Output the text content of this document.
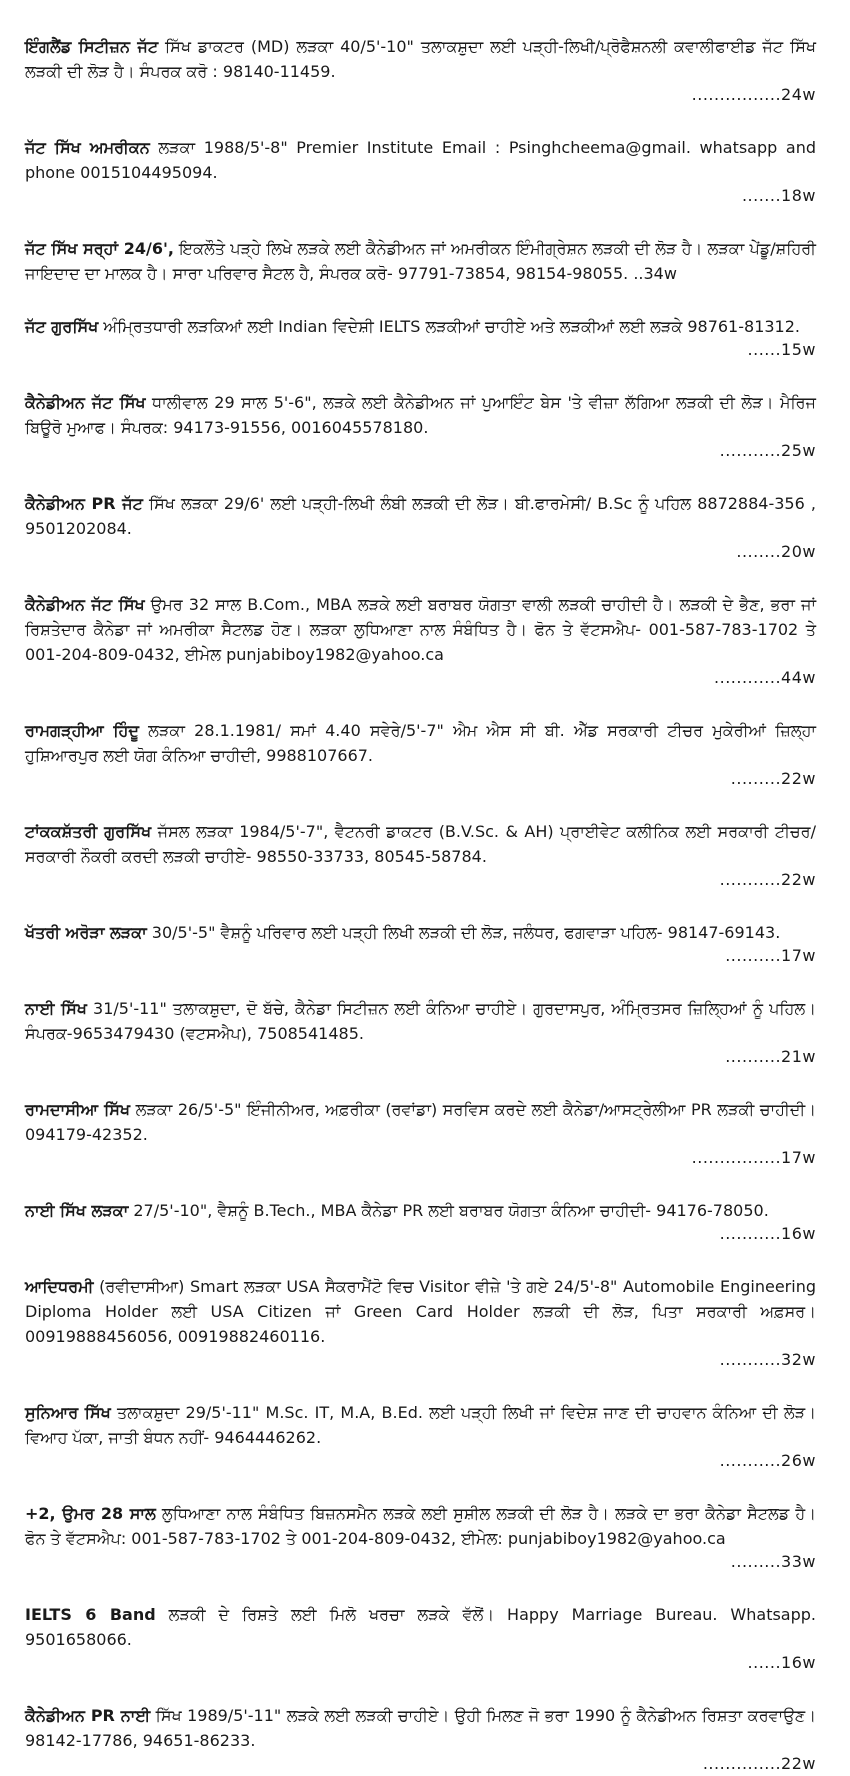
ਇੰਗਲੈਂਡ ਸਿਟੀਜ਼ਨ ਜੱਟ ਸਿੱਖ ਡਾਕਟਰ (MD) ਲੜਕਾ 40/5'-10" ਤਲਾਕਸ਼ੁਦਾ ਲਈ ਪੜ੍ਹੀ-ਲਿਖੀ/ਪ੍ਰੋਫੈਸ਼ਨਲੀ ਕਵਾਲੀਫਾਈਡ ਜੱਟ ਸਿੱਖ ਲੜਕੀ ਦੀ ਲੋੜ ਹੈ। ਸੰਪਰਕ ਕਰੋ : 98140-11459.

................24w

ਜੱਟ ਸਿੱਖ ਅਮਰੀਕਨ ਲੜਕਾ 1988/5'-8" Premier Institute Email : Psinghcheema@gmail. whatsapp and phone 0015104495094.

.......18w

ਜੱਟ ਸਿੱਖ ਸਰ੍ਹਾਂ 24/6', ਇਕਲੌਤੇ ਪੜ੍ਹੇ ਲਿਖੇ ਲੜਕੇ ਲਈ ਕੈਨੇਡੀਅਨ ਜਾਂ ਅਮਰੀਕਨ ਇੰਮੀਗ੍ਰੇਸ਼ਨ ਲੜਕੀ ਦੀ ਲੋੜ ਹੈ। ਲੜਕਾ ਪੇਂਡੂ/ਸ਼ਹਿਰੀ ਜਾਇਦਾਦ ਦਾ ਮਾਲਕ ਹੈ। ਸਾਰਾ ਪਰਿਵਾਰ ਸੈਟਲ ਹੈ, ਸੰਪਰਕ ਕਰੋ- 97791-73854, 98154-98055. ..34w

ਜੱਟ ਗੁਰਸਿੱਖ ਅੰਮ੍ਰਿਤਧਾਰੀ ਲੜਕਿਆਂ ਲਈ Indian ਵਿਦੇਸ਼ੀ IELTS ਲੜਕੀਆਂ ਚਾਹੀਏ ਅਤੇ ਲੜਕੀਆਂ ਲਈ ਲੜਕੇ 98761-81312.

......15w

ਕੈਨੇਡੀਅਨ ਜੱਟ ਸਿੱਖ ਧਾਲੀਵਾਲ 29 ਸਾਲ 5'-6", ਲੜਕੇ ਲਈ ਕੈਨੇਡੀਅਨ ਜਾਂ ਪੁਆਇੰਟ ਬੇਸ 'ਤੇ ਵੀਜ਼ਾ ਲੱਗਿਆ ਲੜਕੀ ਦੀ ਲੋੜ। ਮੈਰਿਜ ਬਿਊਰੋ ਮੁਆਫ। ਸੰਪਰਕ: 94173-91556, 0016045578180.

...........25w

ਕੈਨੇਡੀਅਨ PR ਜੱਟ ਸਿੱਖ ਲੜਕਾ 29/6' ਲਈ ਪੜ੍ਹੀ-ਲਿਖੀ ਲੰਬੀ ਲੜਕੀ ਦੀ ਲੋੜ। ਬੀ.ਫਾਰਮੇਸੀ/ B.Sc ਨੂੰ ਪਹਿਲ 8872884-356 , 9501202084.

........20w

ਕੈਨੇਡੀਅਨ ਜੱਟ ਸਿੱਖ ਉਮਰ 32 ਸਾਲ B.Com., MBA ਲੜਕੇ ਲਈ ਬਰਾਬਰ ਯੋਗਤਾ ਵਾਲੀ ਲੜਕੀ ਚਾਹੀਦੀ ਹੈ। ਲੜਕੀ ਦੇ ਭੈਣ, ਭਰਾ ਜਾਂ ਰਿਸ਼ਤੇਦਾਰ ਕੈਨੇਡਾ ਜਾਂ ਅਮਰੀਕਾ ਸੈਟਲਡ ਹੋਣ। ਲੜਕਾ ਲੁਧਿਆਣਾ ਨਾਲ ਸੰਬੰਧਿਤ ਹੈ। ਫੋਨ ਤੇ ਵੱਟਸਐਪ- 001-587-783-1702 ਤੇ 001-204-809-0432, ਈਮੇਲ punjabiboy1982@yahoo.ca

............44w

ਰਾਮਗੜ੍ਹੀਆ ਹਿੰਦੂ ਲੜਕਾ 28.1.1981/ ਸਮਾਂ 4.40 ਸਵੇਰੇ/5'-7" ਐਮ ਐਸ ਸੀ ਬੀ. ਐੱਡ ਸਰਕਾਰੀ ਟੀਚਰ ਮੁਕੇਰੀਆਂ ਜ਼ਿਲ੍ਹਾ ਹੁਸ਼ਿਆਰਪੁਰ ਲਈ ਯੋਗ ਕੰਨਿਆ ਚਾਹੀਦੀ, 9988107667.

.........22w

ਟਾਂਕਕਸ਼ੱਤਰੀ ਗੁਰਸਿੱਖ ਜੱਸਲ ਲੜਕਾ 1984/5'-7", ਵੈਟਨਰੀ ਡਾਕਟਰ (B.V.Sc. & AH) ਪ੍ਰਾਈਵੇਟ ਕਲੀਨਿਕ ਲਈ ਸਰਕਾਰੀ ਟੀਚਰ/ਸਰਕਾਰੀ ਨੌਕਰੀ ਕਰਦੀ ਲੜਕੀ ਚਾਹੀਏ- 98550-33733, 80545-58784.

...........22w

ਖੱਤਰੀ ਅਰੋੜਾ ਲੜਕਾ 30/5'-5" ਵੈਸ਼ਨੂੰ ਪਰਿਵਾਰ ਲਈ ਪੜ੍ਹੀ ਲਿਖੀ ਲੜਕੀ ਦੀ ਲੋੜ, ਜਲੰਧਰ, ਫਗਵਾੜਾ ਪਹਿਲ- 98147-69143.

..........17w

ਨਾਈ ਸਿੱਖ 31/5'-11" ਤਲਾਕਸ਼ੁਦਾ, ਦੋ ਬੱਚੇ, ਕੈਨੇਡਾ ਸਿਟੀਜ਼ਨ ਲਈ ਕੰਨਿਆ ਚਾਹੀਏ। ਗੁਰਦਾਸਪੁਰ, ਅੰਮ੍ਰਿਤਸਰ ਜ਼ਿਲ੍ਹਿਆਂ ਨੂੰ ਪਹਿਲ। ਸੰਪਰਕ-9653479430 (ਵਟਸਐਪ), 7508541485.

..........21w

ਰਾਮਦਾਸੀਆ ਸਿੱਖ ਲੜਕਾ 26/5'-5" ਇੰਜੀਨੀਅਰ, ਅਫ਼ਰੀਕਾ (ਰਵਾਂਡਾ) ਸਰਵਿਸ ਕਰਦੇ ਲਈ ਕੈਨੇਡਾ/ਆਸਟ੍ਰੇਲੀਆ PR ਲੜਕੀ ਚਾਹੀਦੀ। 094179-42352.

................17w

ਨਾਈ ਸਿੱਖ ਲੜਕਾ 27/5'-10", ਵੈਸ਼ਨੂੰ B.Tech., MBA ਕੈਨੇਡਾ PR ਲਈ ਬਰਾਬਰ ਯੋਗਤਾ ਕੰਨਿਆ ਚਾਹੀਦੀ- 94176-78050.

...........16w

ਆਦਿਧਰਮੀ (ਰਵੀਦਾਸੀਆ) Smart ਲੜਕਾ USA ਸੈਕਰਾਮੈਂਟੋ ਵਿਚ Visitor ਵੀਜ਼ੇ 'ਤੇ ਗਏ 24/5'-8" Automobile Engineering Diploma Holder ਲਈ USA Citizen ਜਾਂ Green Card Holder ਲੜਕੀ ਦੀ ਲੋੜ, ਪਿਤਾ ਸਰਕਾਰੀ ਅਫ਼ਸਰ। 00919888456056, 00919882460116.

...........32w

ਸੁਨਿਆਰ ਸਿੱਖ ਤਲਾਕਸ਼ੁਦਾ 29/5'-11" M.Sc. IT, M.A, B.Ed. ਲਈ ਪੜ੍ਹੀ ਲਿਖੀ ਜਾਂ ਵਿਦੇਸ਼ ਜਾਣ ਦੀ ਚਾਹਵਾਨ ਕੰਨਿਆ ਦੀ ਲੋੜ। ਵਿਆਹ ਪੱਕਾ, ਜਾਤੀ ਬੰਧਨ ਨਹੀਂ- 9464446262.

...........26w

+2, ਉਮਰ 28 ਸਾਲ ਲੁਧਿਆਣਾ ਨਾਲ ਸੰਬੰਧਿਤ ਬਿਜ਼ਨਸਮੈਨ ਲੜਕੇ ਲਈ ਸੁਸ਼ੀਲ ਲੜਕੀ ਦੀ ਲੋੜ ਹੈ। ਲੜਕੇ ਦਾ ਭਰਾ ਕੈਨੇਡਾ ਸੈਟਲਡ ਹੈ। ਫੋਨ ਤੇ ਵੱਟਸਐਪ: 001-587-783-1702 ਤੇ 001-204-809-0432, ਈਮੇਲ: punjabiboy1982@yahoo.ca

.........33w

IELTS 6 Band ਲੜਕੀ ਦੇ ਰਿਸ਼ਤੇ ਲਈ ਮਿਲੋ ਖਰਚਾ ਲੜਕੇ ਵੱਲੋਂ। Happy Marriage Bureau. Whatsapp. 9501658066.

......16w

ਕੈਨੇਡੀਅਨ PR ਨਾਈ ਸਿੱਖ 1989/5'-11" ਲੜਕੇ ਲਈ ਲੜਕੀ ਚਾਹੀਏ। ਉਹੀ ਮਿਲਣ ਜੋ ਭਰਾ 1990 ਨੂੰ ਕੈਨੇਡੀਅਨ ਰਿਸ਼ਤਾ ਕਰਵਾਉਣ। 98142-17786, 94651-86233.

..............22w
